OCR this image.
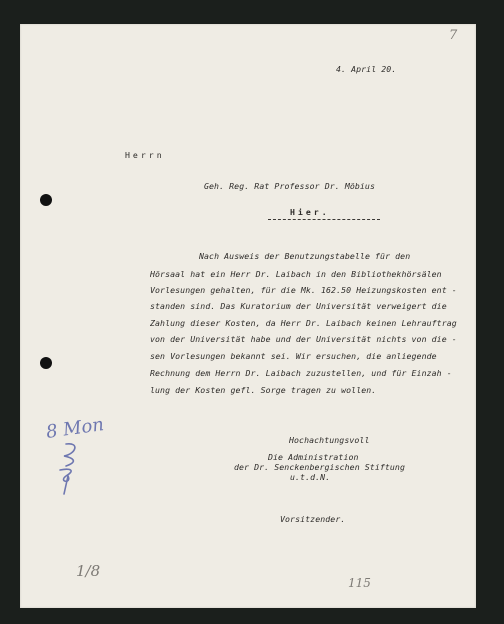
7
4. April 20.
Herrn
Geh. Reg. Rat Professor Dr. Möbius
Hier.
Nach Ausweis der Benutzungstabelle für den
Hörsaal hat ein Herr Dr. Laibach in den Bibliothekhörsälen
Vorlesungen gehalten, für die Mk. 162.50 Heizungskosten ent -
standen sind. Das Kuratorium der Universität verweigert die
Zahlung dieser Kosten, da Herr Dr. Laibach keinen Lehrauftrag
von der Universität habe und der Universität nichts von die -
sen Vorlesungen bekannt sei. Wir ersuchen, die anliegende
Rechnung dem Herrn Dr. Laibach zuzustellen, und für Einzah -
lung der Kosten gefl. Sorge tragen zu wollen.
Hochachtungsvoll
Die Administration
der Dr. Senckenbergischen Stiftung
u.t.d.N.
Vorsitzender.
8 Mon
1/8
115
